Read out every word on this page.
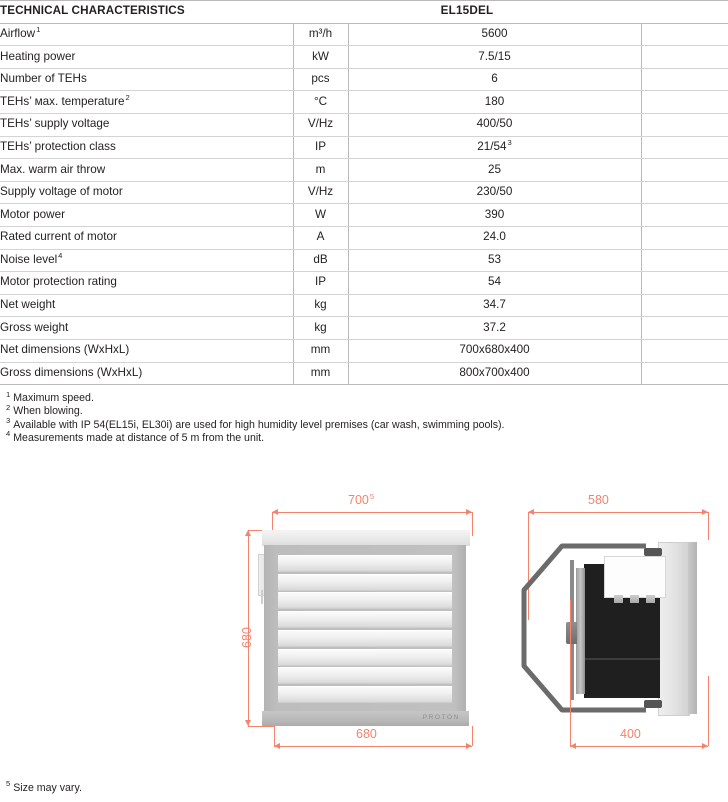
TECHNICAL CHARACTERISTICS	EL15DEL		
Airflow$^1$	m³/h	5600	
Heating power	kW	7.5/15	
Number of TEHs	pcs	6	
TEHs’ мax. temperature$^2$	°C	180	
TEHs’ supply voltage	V/Hz	400/50	
TEHs’ protection class	IP	$21/54^3$	
Max. warm air throw	m	25	
Supply voltage of motor	V/Hz	230/50	
Motor power	W	390	
Rated current of motor	A	24.0	
Noise level$^4$	dB	53	
Motor protection rating	IP	54	
Net weight	kg	34.7	
Gross weight	kg	37.2	
Net dimensions (WxHxL)	mm	700x680x400	
Gross dimensions (WxHxL)	mm	800x700x400	
$^1$ Maximum speed.
$^2$ When blowing.
$^3$ Available with IP 54(EL15i, EL30i) are used for high humidity level premises (car wash, swimming pools).
$^4$ Measurements made at distance of 5 m from the unit.
$^5$ Size may vary.
$700^5$
680
PROTON
680
580
400
